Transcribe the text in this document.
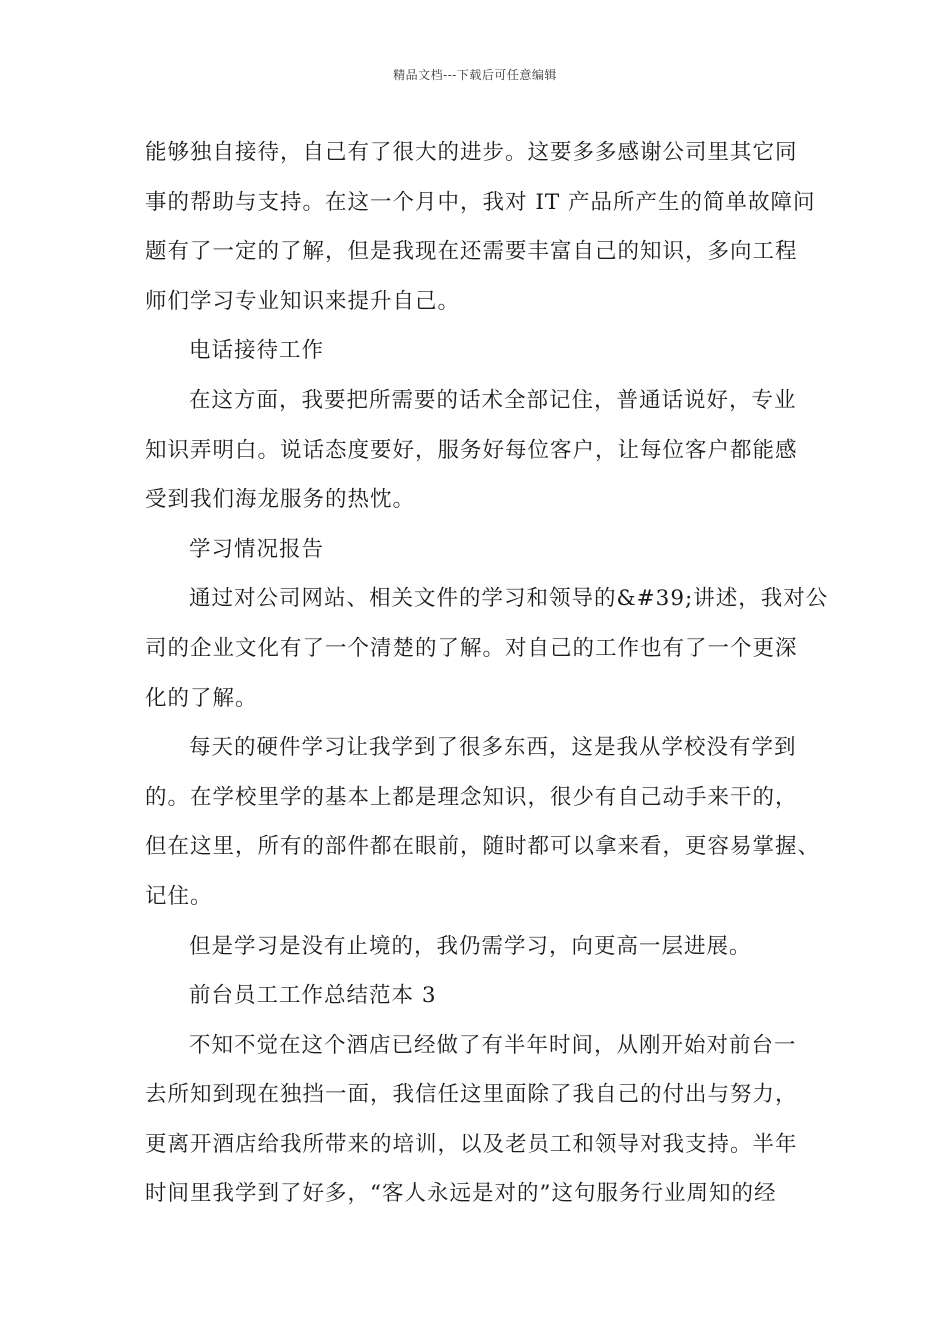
精品文档---下载后可任意编辑

能够独自接待，自己有了很大的进步。这要多多感谢公司里其它同
事的帮助与支持。在这一个月中，我对 IT 产品所产生的简单故障问
题有了一定的了解，但是我现在还需要丰富自己的知识，多向工程
师们学习专业知识来提升自己。

电话接待工作

在这方面，我要把所需要的话术全部记住，普通话说好，专业
知识弄明白。说话态度要好，服务好每位客户，让每位客户都能感
受到我们海龙服务的热忱。

学习情况报告

通过对公司网站、相关文件的学习和领导的&#39;讲述，我对公
司的企业文化有了一个清楚的了解。对自己的工作也有了一个更深
化的了解。

每天的硬件学习让我学到了很多东西，这是我从学校没有学到
的。在学校里学的基本上都是理念知识，很少有自己动手来干的，
但在这里，所有的部件都在眼前，随时都可以拿来看，更容易掌握、
记住。

但是学习是没有止境的，我仍需学习，向更高一层进展。

前台员工工作总结范本 3

不知不觉在这个酒店已经做了有半年时间，从刚开始对前台一
去所知到现在独挡一面，我信任这里面除了我自己的付出与努力，
更离开酒店给我所带来的培训，以及老员工和领导对我支持。半年
时间里我学到了好多，“客人永远是对的”这句服务行业周知的经
